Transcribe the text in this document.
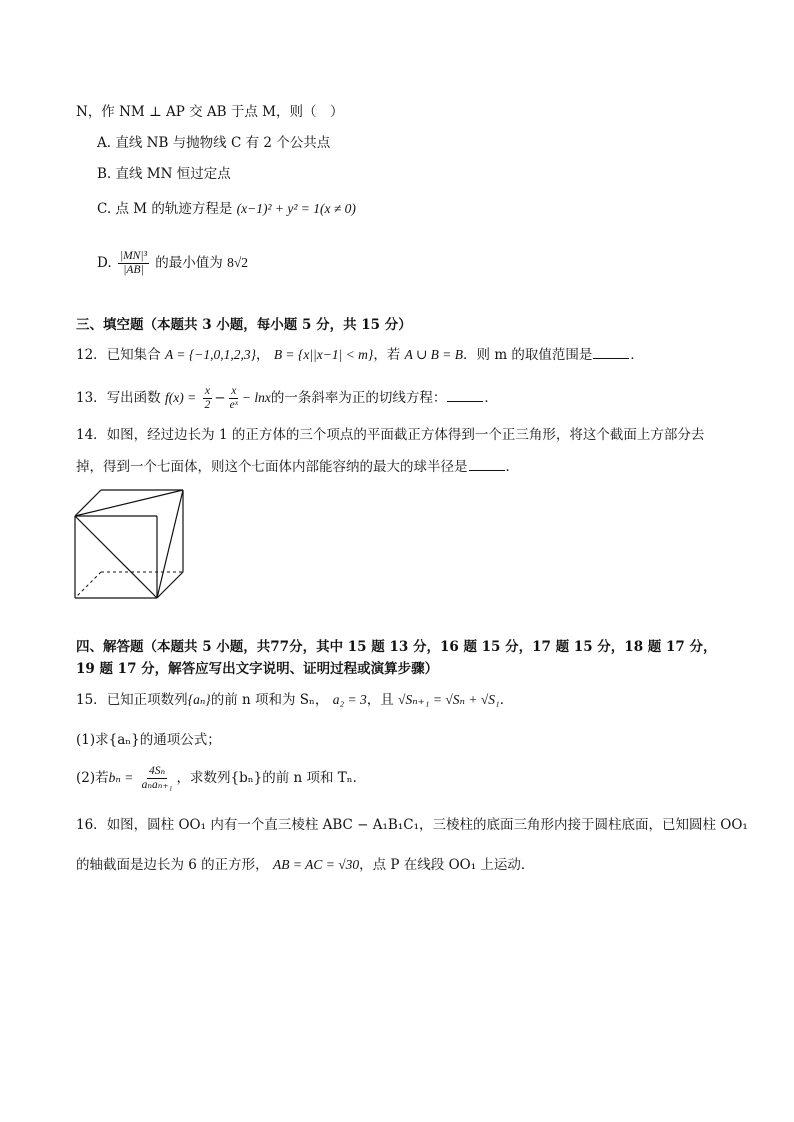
N，作 NM ⊥ AP 交 AB 于点 M，则（　）
A. 直线 NB 与抛物线 C 有 2 个公共点
B. 直线 MN 恒过定点
C. 点 M 的轨迹方程是 (x−1)² + y² = 1(x ≠ 0)
D. $\frac{\text{|MN|³}}{|AB|}$ 的最小值为 8√2
三、填空题（本题共 3 小题，每小题 5 分，共 15 分）
12．已知集合 A = {−1,0,1,2,3}， B = {x||x−1| < m}，若 A ∪ B = B．则 m 的取值范围是	．
13．写出函数 $f(x) = \frac{x}{2} - \frac{x}{\text{eˣ}} - \ln x$的一条斜率为正的切线方程：	．
14．如图，经过边长为 1 的正方体的三个项点的平面截正方体得到一个正三角形，将这个截面上方部分去
掉，得到一个七面体，则这个七面体内部能容纳的最大的球半径是	．
四、解答题（本题共 5 小题，共77分，其中 15 题 13 分，16 题 15 分，17 题 15 分，18 题 17 分，
19 题 17 分，解答应写出文字说明、证明过程或演算步骤）
15．已知正项数列{aₙ}的前 n 项和为 Sₙ， a₂ = 3，且 √Sₙ₊₁ = √Sₙ + √S₁．
(1)求{aₙ}的通项公式；
(2)若$b_n = \frac{\text{4Sₙ}}{\text{aₙaₙ₊₁}}$ ，求数列{bₙ}的前 n 项和 Tₙ．
16．如图，圆柱 OO₁ 内有一个直三棱柱 ABC − A₁B₁C₁，三棱柱的底面三角形内接于圆柱底面，已知圆柱 OO₁
的轴截面是边长为 6 的正方形， AB = AC = √30，点 P 在线段 OO₁ 上运动．
